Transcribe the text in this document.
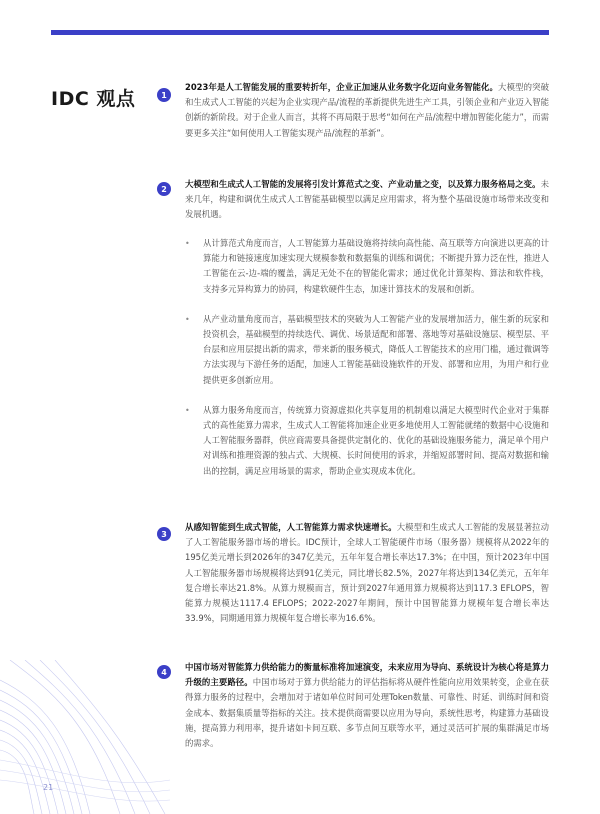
IDC 观点	1

2023年是人工智能发展的重要转折年，企业正加速从业务数字化迈向业务智能化。大模型的突破和生成式人工智能的兴起为企业实现产品/流程的革新提供先进生产工具，引领企业和产业迈入智能创新的新阶段。对于企业人而言，其将不再局限于思考“如何在产品/流程中增加智能化能力”，而需要更多关注“如何使用人工智能实现产品/流程的革新”。

2	大模型和生成式人工智能的发展将引发计算范式之变、产业动量之变，以及算力服务格局之变。未来几年，构建和调优生成式人工智能基础模型以满足应用需求，将为整个基础设施市场带来改变和发展机遇。

• 从计算范式角度而言，人工智能算力基础设施将持续向高性能、高互联等方向演进以更高的计算能力和链接速度加速实现大规模参数和数据集的训练和调优；不断提升算力泛在性，推进人工智能在云-边-端的覆盖，满足无处不在的智能化需求；通过优化计算架构、算法和软件栈，支持多元异构算力的协同，构建软硬件生态，加速计算技术的发展和创新。
• 从产业动量角度而言，基础模型技术的突破为人工智能产业的发展增加活力，催生新的玩家和投资机会，基础模型的持续迭代、调优、场景适配和部署、落地等对基础设施层、模型层、平台层和应用层提出新的需求，带来新的服务模式，降低人工智能技术的应用门槛，通过微调等方法实现与下游任务的适配，加速人工智能基础设施软件的开发、部署和应用，为用户和行业提供更多创新应用。
• 从算力服务角度而言，传统算力资源虚拟化共享复用的机制难以满足大模型时代企业对于集群式的高性能算力需求，生成式人工智能将加速企业更多地使用人工智能就绪的数据中心设施和人工智能服务器群，供应商需要具备提供定制化的、优化的基础设施服务能力，满足单个用户对训练和推理资源的独占式、大规模、长时间使用的诉求，并缩短部署时间、提高对数据和输出的控制，满足应用场景的需求，帮助企业实现成本优化。
3

从感知智能到生成式智能，人工智能算力需求快速增长。大模型和生成式人工智能的发展显著拉动了人工智能服务器市场的增长。IDC预计，全球人工智能硬件市场（服务器）规模将从2022年的195亿美元增长到2026年的347亿美元，五年年复合增长率达17.3%；在中国，预计2023年中国人工智能服务器市场规模将达到91亿美元，同比增长82.5%，2027年将达到134亿美元，五年年复合增长率达21.8%。从算力规模而言，预计到2027年通用算力规模将达到117.3 EFLOPS，智能算力规模达1117.4 EFLOPS；2022-2027年期间，预计中国智能算力规模年复合增长率达33.9%，同期通用算力规模年复合增长率为16.6%。

4	中国市场对智能算力供给能力的衡量标准将加速演变，未来应用为导向、系统设计为核心将是算力升级的主要路径。中国市场对于算力供给能力的评估指标将从硬件性能向应用效果转变，企业在获得算力服务的过程中，会增加对于诸如单位时间可处理Token数量、可靠性、时延、训练时间和资金成本、数据集质量等指标的关注。技术提供商需要以应用为导向，系统性思考，构建算力基础设施，提高算力利用率，提升诸如卡间互联、多节点间互联等水平，通过灵活可扩展的集群满足市场的需求。

21
